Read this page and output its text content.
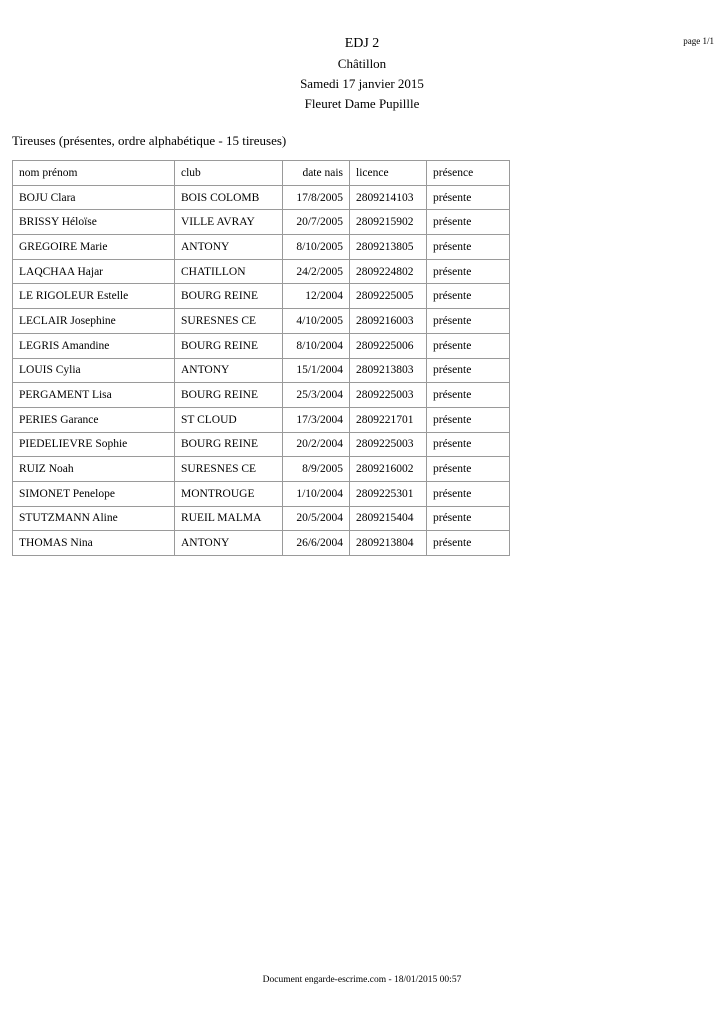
EDJ 2
Châtillon
Samedi 17 janvier 2015
Fleuret Dame Pupillle
page 1/1
Tireuses (présentes, ordre alphabétique - 15 tireuses)
nom prénom	club	date nais	licence	présence
BOJU Clara	BOIS COLOMB	17/8/2005	2809214103	présente
BRISSY Héloïse	VILLE AVRAY	20/7/2005	2809215902	présente
GREGOIRE Marie	ANTONY	8/10/2005	2809213805	présente
LAQCHAA Hajar	CHATILLON	24/2/2005	2809224802	présente
LE RIGOLEUR Estelle	BOURG REINE	12/2004	2809225005	présente
LECLAIR Josephine	SURESNES CE	4/10/2005	2809216003	présente
LEGRIS Amandine	BOURG REINE	8/10/2004	2809225006	présente
LOUIS Cylia	ANTONY	15/1/2004	2809213803	présente
PERGAMENT Lisa	BOURG REINE	25/3/2004	2809225003	présente
PERIES Garance	ST CLOUD	17/3/2004	2809221701	présente
PIEDELIEVRE Sophie	BOURG REINE	20/2/2004	2809225003	présente
RUIZ Noah	SURESNES CE	8/9/2005	2809216002	présente
SIMONET Penelope	MONTROUGE	1/10/2004	2809225301	présente
STUTZMANN Aline	RUEIL MALMA	20/5/2004	2809215404	présente
THOMAS Nina	ANTONY	26/6/2004	2809213804	présente
Document engarde-escrime.com - 18/01/2015 00:57
